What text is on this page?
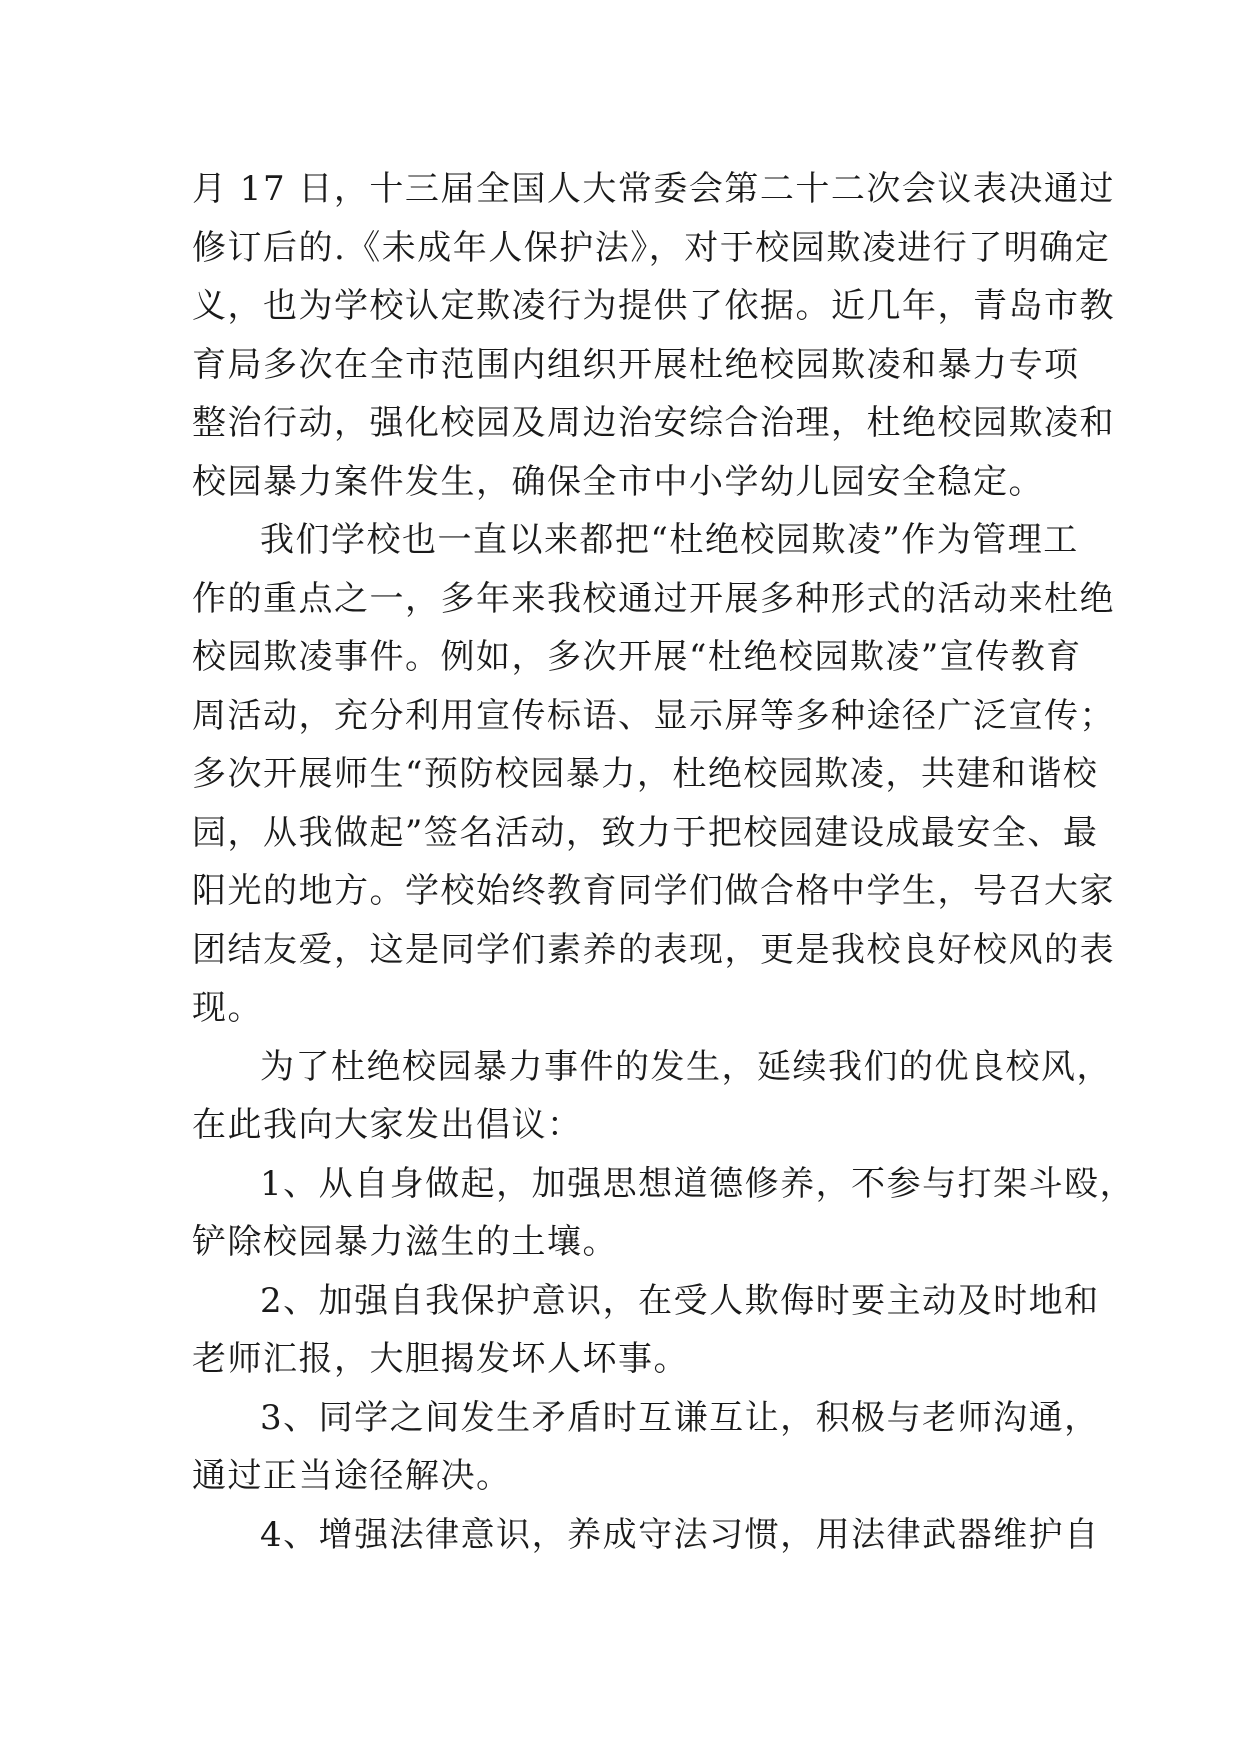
月 17 日，十三届全国人大常委会第二十二次会议表决通过
修订后的.《未成年人保护法》，对于校园欺凌进行了明确定
义，也为学校认定欺凌行为提供了依据。近几年，青岛市教
育局多次在全市范围内组织开展杜绝校园欺凌和暴力专项
整治行动，强化校园及周边治安综合治理，杜绝校园欺凌和
校园暴力案件发生，确保全市中小学幼儿园安全稳定。
我们学校也一直以来都把“杜绝校园欺凌”作为管理工
作的重点之一，多年来我校通过开展多种形式的活动来杜绝
校园欺凌事件。例如，多次开展“杜绝校园欺凌”宣传教育
周活动，充分利用宣传标语、显示屏等多种途径广泛宣传；
多次开展师生“预防校园暴力，杜绝校园欺凌，共建和谐校
园，从我做起”签名活动，致力于把校园建设成最安全、最
阳光的地方。学校始终教育同学们做合格中学生，号召大家
团结友爱，这是同学们素养的表现，更是我校良好校风的表
现。
为了杜绝校园暴力事件的发生，延续我们的优良校风，
在此我向大家发出倡议：
1、从自身做起，加强思想道德修养，不参与打架斗殴，
铲除校园暴力滋生的土壤。
2、加强自我保护意识，在受人欺侮时要主动及时地和
老师汇报，大胆揭发坏人坏事。
3、同学之间发生矛盾时互谦互让，积极与老师沟通，
通过正当途径解决。
4、增强法律意识，养成守法习惯，用法律武器维护自
